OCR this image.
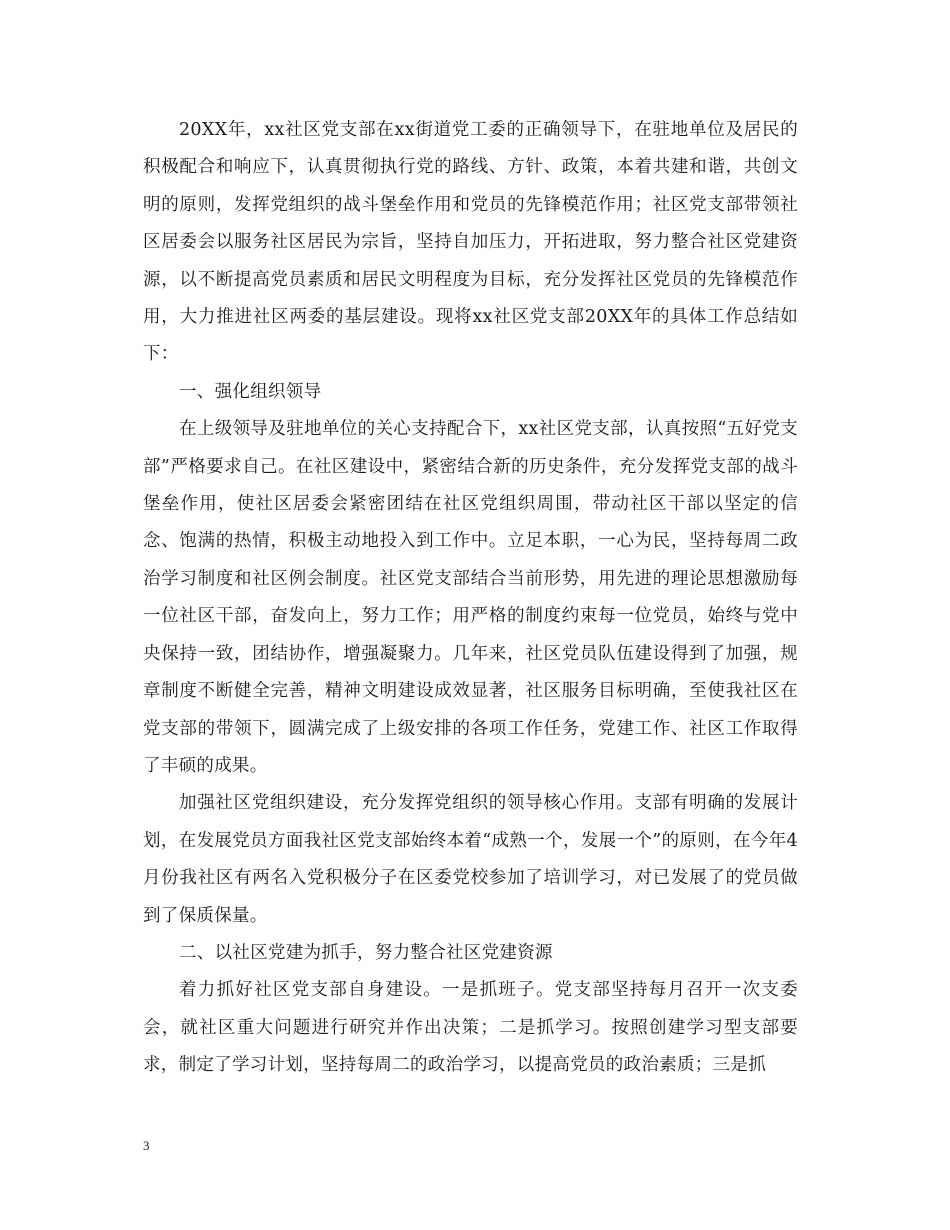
20XX年，xx社区党支部在xx街道党工委的正确领导下，在驻地单位及居民的积极配合和响应下，认真贯彻执行党的路线、方针、政策，本着共建和谐，共创文明的原则，发挥党组织的战斗堡垒作用和党员的先锋模范作用；社区党支部带领社区居委会以服务社区居民为宗旨，坚持自加压力，开拓进取，努力整合社区党建资源，以不断提高党员素质和居民文明程度为目标，充分发挥社区党员的先锋模范作用，大力推进社区两委的基层建设。现将xx社区党支部20XX年的具体工作总结如下：

一、强化组织领导

在上级领导及驻地单位的关心支持配合下，xx社区党支部，认真按照“五好党支部”严格要求自己。在社区建设中，紧密结合新的历史条件，充分发挥党支部的战斗堡垒作用，使社区居委会紧密团结在社区党组织周围，带动社区干部以坚定的信念、饱满的热情，积极主动地投入到工作中。立足本职，一心为民，坚持每周二政治学习制度和社区例会制度。社区党支部结合当前形势，用先进的理论思想激励每一位社区干部，奋发向上，努力工作；用严格的制度约束每一位党员，始终与党中央保持一致，团结协作，增强凝聚力。几年来，社区党员队伍建设得到了加强，规章制度不断健全完善，精神文明建设成效显著，社区服务目标明确，至使我社区在党支部的带领下，圆满完成了上级安排的各项工作任务，党建工作、社区工作取得了丰硕的成果。

加强社区党组织建设，充分发挥党组织的领导核心作用。支部有明确的发展计划，在发展党员方面我社区党支部始终本着“成熟一个，发展一个”的原则，在今年4月份我社区有两名入党积极分子在区委党校参加了培训学习，对已发展了的党员做到了保质保量。

二、以社区党建为抓手，努力整合社区党建资源

着力抓好社区党支部自身建设。一是抓班子。党支部坚持每月召开一次支委会，就社区重大问题进行研究并作出决策；二是抓学习。按照创建学习型支部要求，制定了学习计划，坚持每周二的政治学习，以提高党员的政治素质；三是抓

3
